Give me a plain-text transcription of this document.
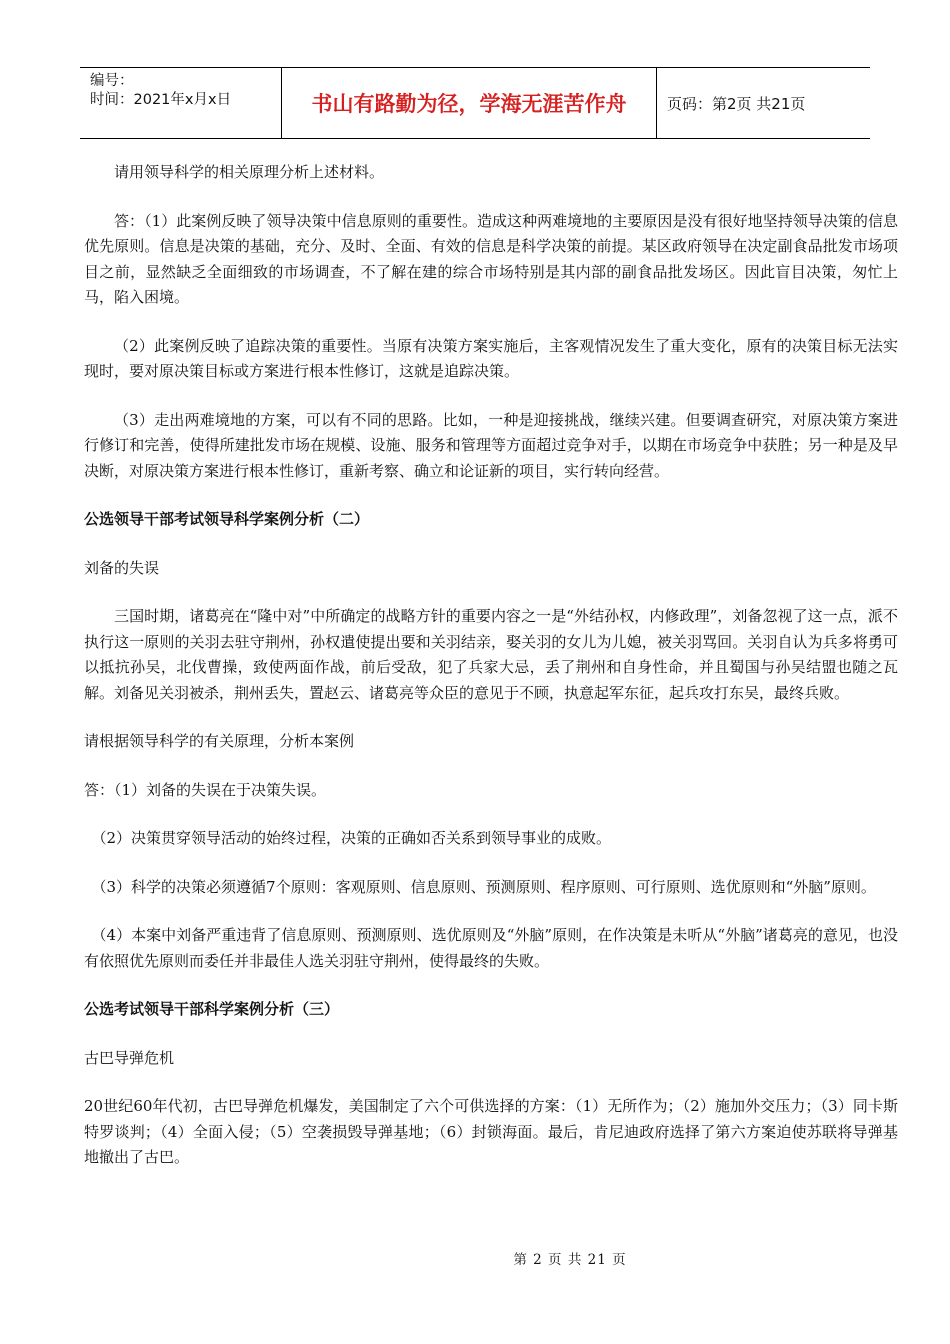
编号：
时间：2021年x月x日	书山有路勤为径，学海无涯苦作舟	页码：第2页 共21页

请用领导科学的相关原理分析上述材料。

答：（1）此案例反映了领导决策中信息原则的重要性。造成这种两难境地的主要原因是没有很好地坚持领导决策的信息优先原则。信息是决策的基础，充分、及时、全面、有效的信息是科学决策的前提。某区政府领导在决定副食品批发市场项目之前，显然缺乏全面细致的市场调查，不了解在建的综合市场特别是其内部的副食品批发场区。因此盲目决策，匆忙上马，陷入困境。

（2）此案例反映了追踪决策的重要性。当原有决策方案实施后，主客观情况发生了重大变化，原有的决策目标无法实现时，要对原决策目标或方案进行根本性修订，这就是追踪决策。

（3）走出两难境地的方案，可以有不同的思路。比如，一种是迎接挑战，继续兴建。但要调查研究，对原决策方案进行修订和完善，使得所建批发市场在规模、设施、服务和管理等方面超过竞争对手，以期在市场竞争中获胜；另一种是及早决断，对原决策方案进行根本性修订，重新考察、确立和论证新的项目，实行转向经营。

公选领导干部考试领导科学案例分析（二）

刘备的失误

三国时期，诸葛亮在“隆中对”中所确定的战略方针的重要内容之一是“外结孙权，内修政理”，刘备忽视了这一点，派不执行这一原则的关羽去驻守荆州，孙权遣使提出要和关羽结亲，娶关羽的女儿为儿媳，被关羽骂回。关羽自认为兵多将勇可以抵抗孙吴，北伐曹操，致使两面作战，前后受敌，犯了兵家大忌，丢了荆州和自身性命，并且蜀国与孙吴结盟也随之瓦解。刘备见关羽被杀，荆州丢失，置赵云、诸葛亮等众臣的意见于不顾，执意起军东征，起兵攻打东吴，最终兵败。

请根据领导科学的有关原理，分析本案例

答：（1）刘备的失误在于决策失误。

（2）决策贯穿领导活动的始终过程，决策的正确如否关系到领导事业的成败。

（3）科学的决策必须遵循7个原则：客观原则、信息原则、预测原则、程序原则、可行原则、选优原则和“外脑”原则。

（4）本案中刘备严重违背了信息原则、预测原则、选优原则及“外脑”原则，在作决策是未听从“外脑”诸葛亮的意见，也没有依照优先原则而委任并非最佳人选关羽驻守荆州，使得最终的失败。

公选考试领导干部科学案例分析（三）

古巴导弹危机

20世纪60年代初，古巴导弹危机爆发，美国制定了六个可供选择的方案：（1）无所作为；（2）施加外交压力；（3）同卡斯特罗谈判；（4）全面入侵；（5）空袭损毁导弹基地；（6）封锁海面。最后，肯尼迪政府选择了第六方案迫使苏联将导弹基地撤出了古巴。

第 2 页 共 21 页
